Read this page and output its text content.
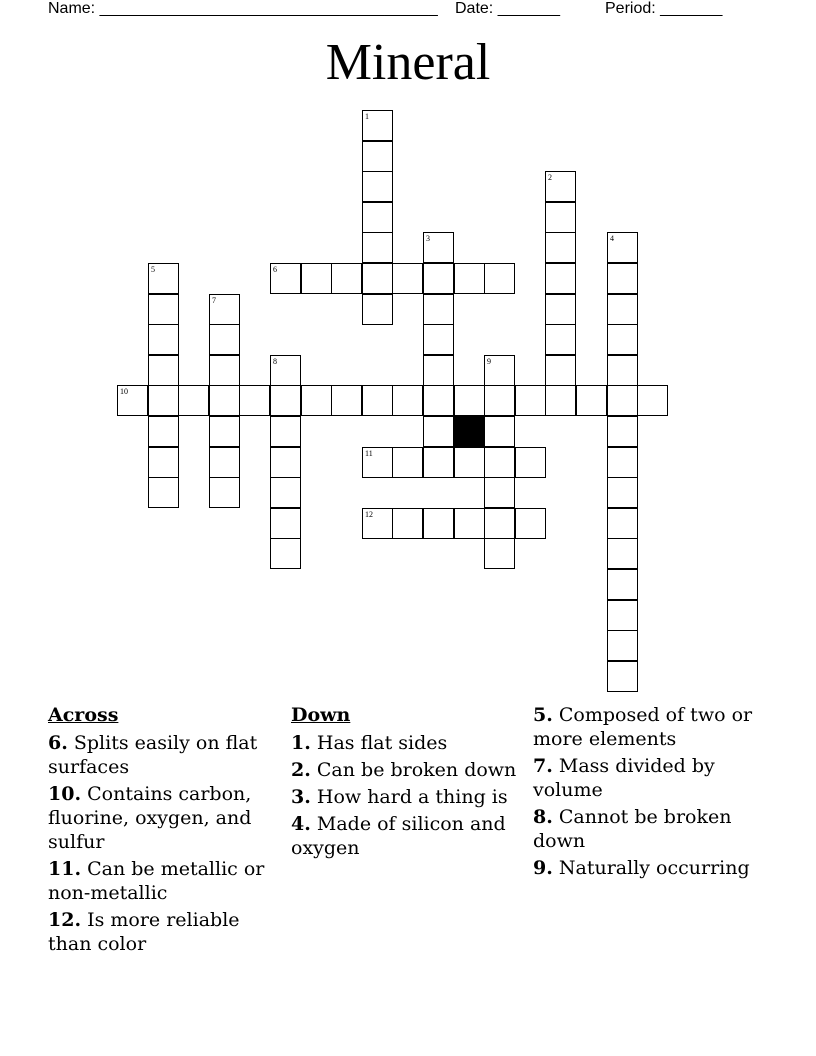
Name: ______________________________________ Date: _______	Period: _______
Mineral
1
2
3	4
5	6
7
8	9
10
11
12
Across
6. Splits easily on flat surfaces
10. Contains carbon, fluorine, oxygen, and sulfur
11. Can be metallic or non-metallic
12. Is more reliable than color
Down
1. Has flat sides
2. Can be broken down
3. How hard a thing is
4. Made of silicon and oxygen
5. Composed of two or more elements
7. Mass divided by volume
8. Cannot be broken down
9. Naturally occurring
